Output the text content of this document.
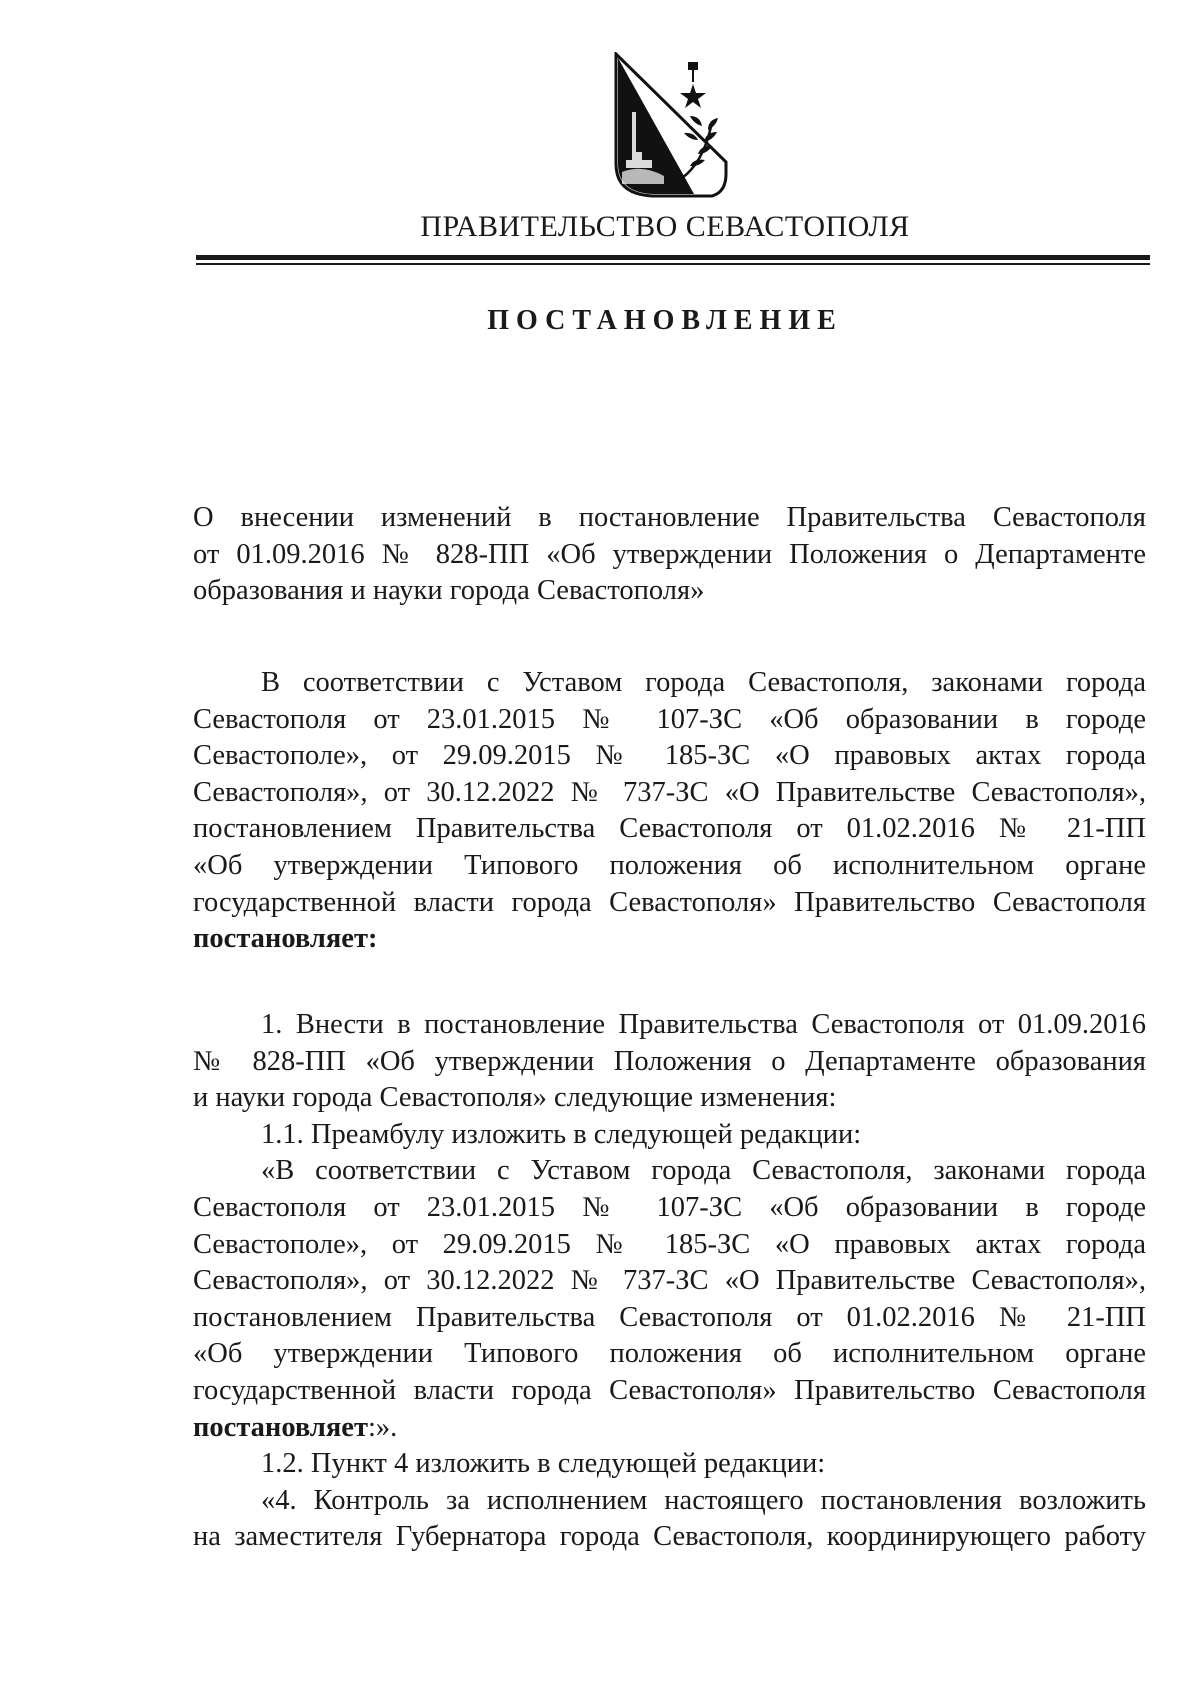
ПРАВИТЕЛЬСТВО СЕВАСТОПОЛЯ
ПОСТАНОВЛЕНИЕ
О внесении изменений в постановление Правительства Севастополя
от 01.09.2016 № 828-ПП «Об утверждении Положения о Департаменте
образования и науки города Севастополя»
В соответствии с Уставом города Севастополя, законами города
Севастополя от 23.01.2015 № 107-ЗС «Об образовании в городе
Севастополе», от 29.09.2015 № 185-ЗС «О правовых актах города
Севастополя», от 30.12.2022 № 737-ЗС «О Правительстве Севастополя»,
постановлением Правительства Севастополя от 01.02.2016 № 21-ПП
«Об утверждении Типового положения об исполнительном органе
государственной власти города Севастополя» Правительство Севастополя
постановляет:
1. Внести в постановление Правительства Севастополя от 01.09.2016
№ 828-ПП «Об утверждении Положения о Департаменте образования
и науки города Севастополя» следующие изменения:
1.1. Преамбулу изложить в следующей редакции:
«В соответствии с Уставом города Севастополя, законами города
Севастополя от 23.01.2015 № 107-ЗС «Об образовании в городе
Севастополе», от 29.09.2015 № 185-ЗС «О правовых актах города
Севастополя», от 30.12.2022 № 737-ЗС «О Правительстве Севастополя»,
постановлением Правительства Севастополя от 01.02.2016 № 21-ПП
«Об утверждении Типового положения об исполнительном органе
государственной власти города Севастополя» Правительство Севастополя
постановляет:».
1.2. Пункт 4 изложить в следующей редакции:
«4. Контроль за исполнением настоящего постановления возложить
на заместителя Губернатора города Севастополя, координирующего работу
